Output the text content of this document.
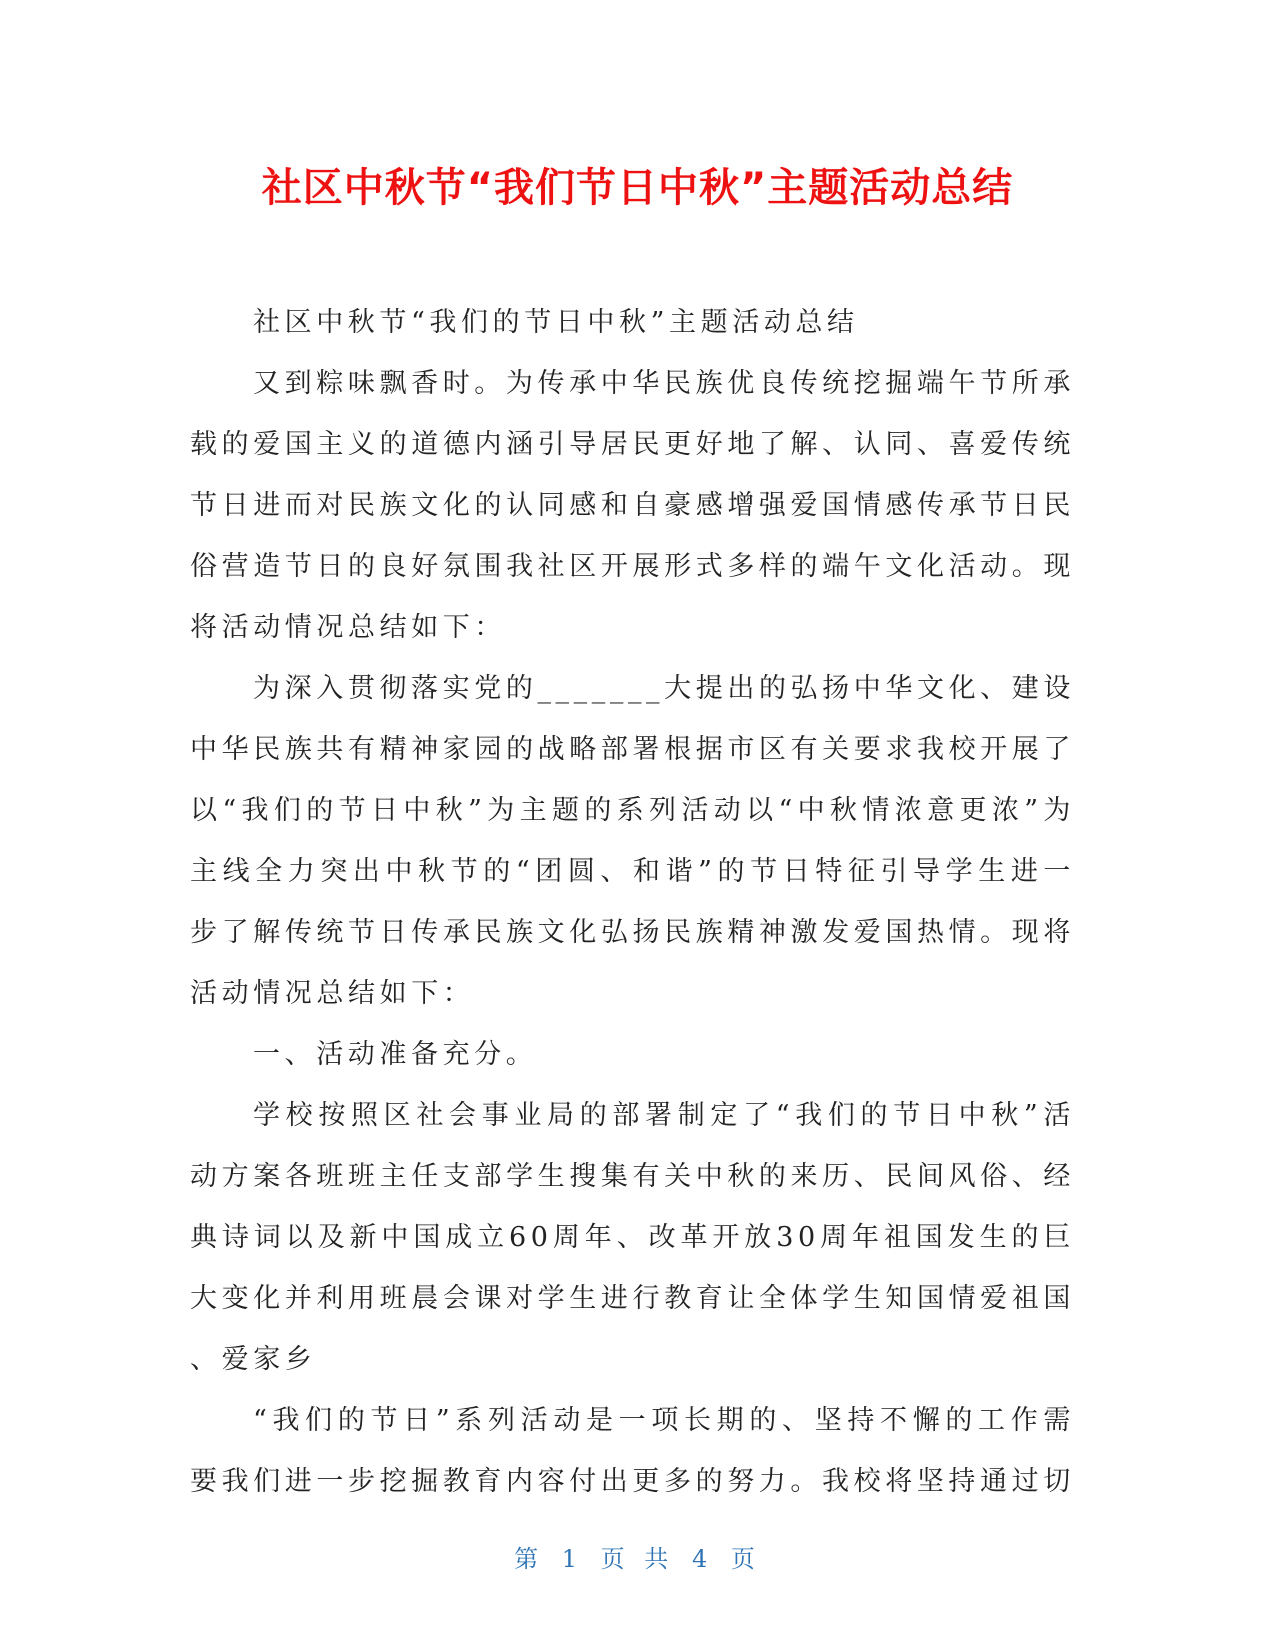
社区中秋节“我们节日中秋”主题活动总结

社区中秋节“我们的节日中秋”主题活动总结

又到粽味飘香时。为传承中华民族优良传统挖掘端午节所承载的爱国主义的道德内涵引导居民更好地了解、认同、喜爱传统节日进而对民族文化的认同感和自豪感增强爱国情感传承节日民俗营造节日的良好氛围我社区开展形式多样的端午文化活动。现将活动情况总结如下：

为深入贯彻落实党的_______大提出的弘扬中华文化、建设中华民族共有精神家园的战略部署根据市区有关要求我校开展了以“我们的节日中秋”为主题的系列活动以“中秋情浓意更浓”为主线全力突出中秋节的“团圆、和谐”的节日特征引导学生进一步了解传统节日传承民族文化弘扬民族精神激发爱国热情。现将活动情况总结如下：

一、活动准备充分。

学校按照区社会事业局的部署制定了“我们的节日中秋”活动方案各班班主任支部学生搜集有关中秋的来历、民间风俗、经典诗词以及新中国成立60周年、改革开放30周年祖国发生的巨大变化并利用班晨会课对学生进行教育让全体学生知国情爱祖国、爱家乡

“我们的节日”系列活动是一项长期的、坚持不懈的工作需要我们进一步挖掘教育内容付出更多的努力。我校将坚持通过切

第 1 页 共 4 页
